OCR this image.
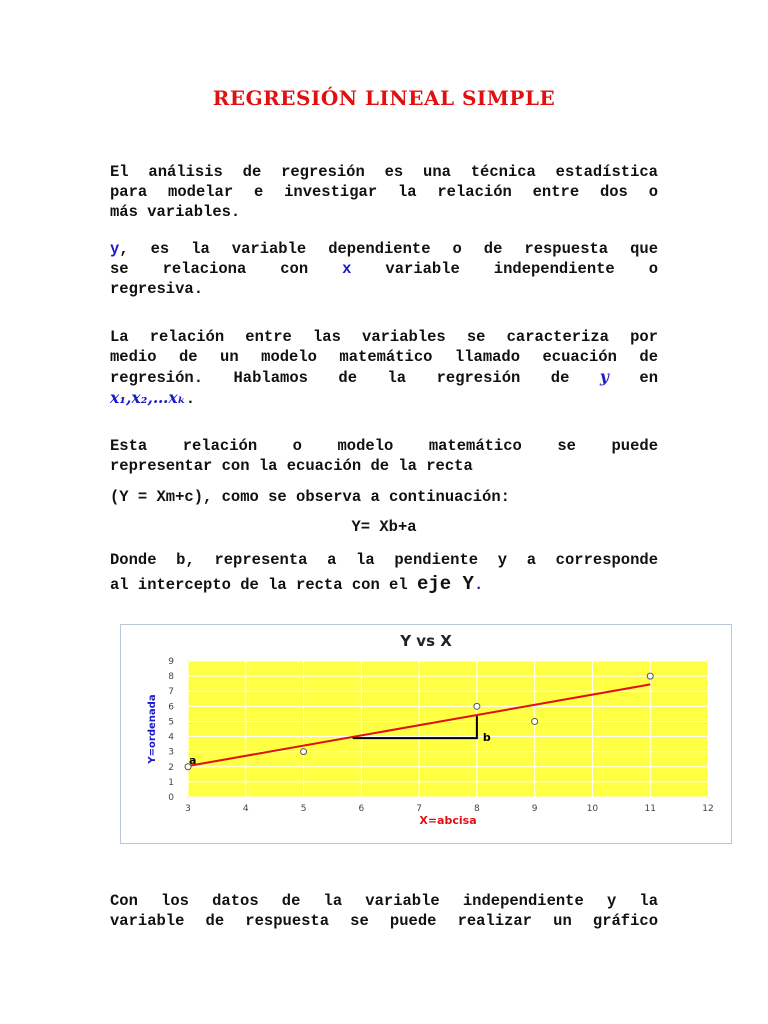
REGRESIÓN LINEAL SIMPLE
El análisis de regresión es una técnica estadística
para modelar e investigar la relación entre dos o
más variables.
y, es la variable dependiente o de respuesta que
se relaciona con x variable independiente o
regresiva.
La relación entre las variables se caracteriza por
medio de un modelo matemático llamado ecuación de
regresión. Hablamos de la regresión de y en
x₁,x₂,…xₖ.
Esta relación o modelo matemático se puede
representar con la ecuación de la recta
(Y = Xm+c), como se observa a continuación:
Y= Xb+a
Donde b, representa a la pendiente y a corresponde
al intercepto de la recta con el eje Y.
Y vs X
3	4	5	6	7	8	9	10	11	12
0
1
2
3
4
5
6
7
8
9
a
b
X=abcisa
Y=ordenada
Con los datos de la variable independiente y la
variable de respuesta se puede realizar un gráfico
